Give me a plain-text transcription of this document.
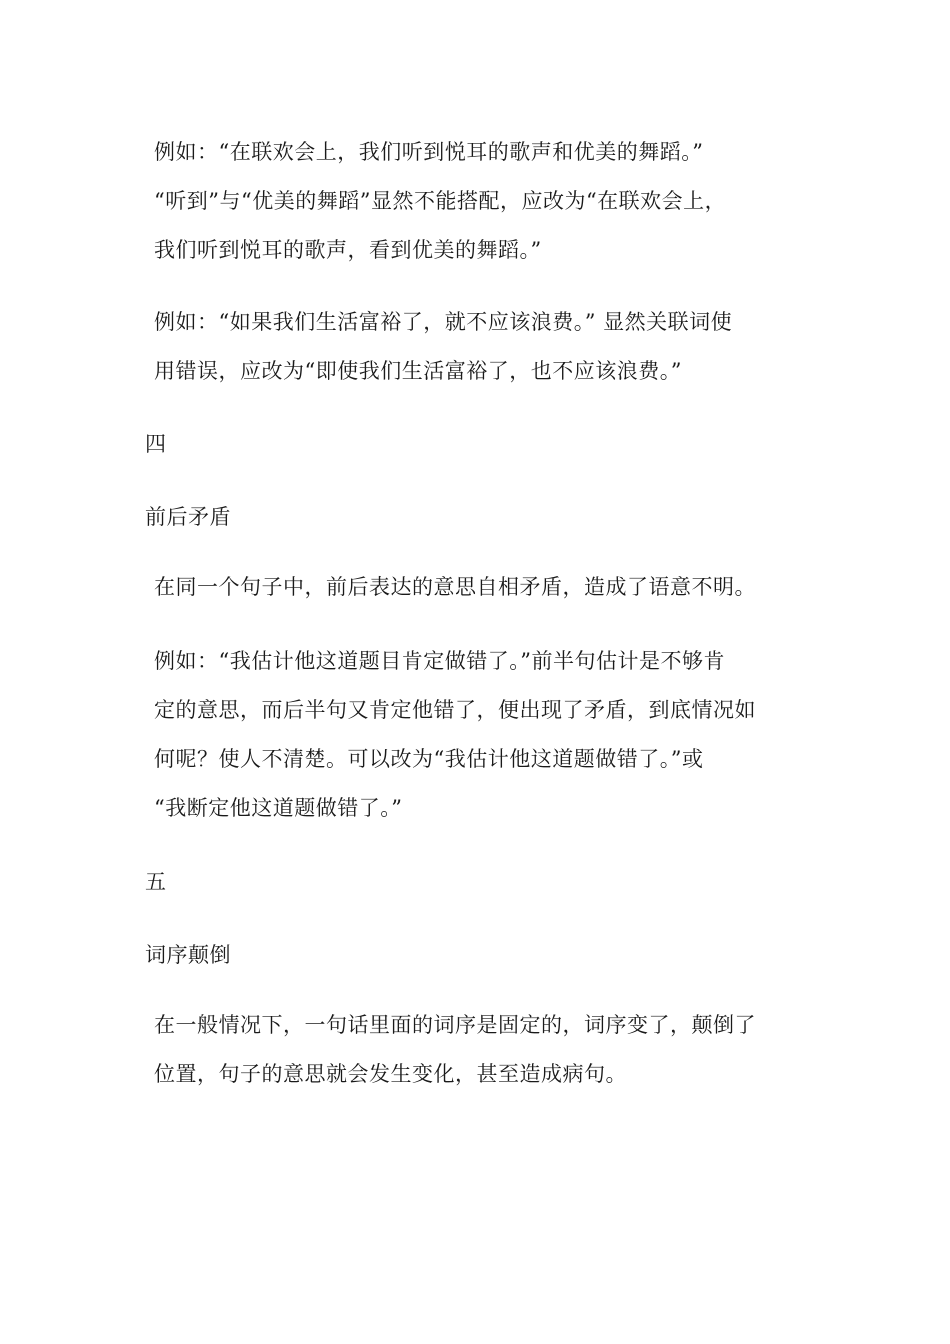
例如：“在联欢会上，我们听到悦耳的歌声和优美的舞蹈。”
“听到”与“优美的舞蹈”显然不能搭配，应改为“在联欢会上，
我们听到悦耳的歌声，看到优美的舞蹈。”
例如：“如果我们生活富裕了，就不应该浪费。” 显然关联词使
用错误，应改为“即使我们生活富裕了，也不应该浪费。”
四
前后矛盾
在同一个句子中，前后表达的意思自相矛盾，造成了语意不明。
例如：“我估计他这道题目肯定做错了。”前半句估计是不够肯
定的意思，而后半句又肯定他错了，便出现了矛盾，到底情况如
何呢？使人不清楚。可以改为“我估计他这道题做错了。”或
“我断定他这道题做错了。”
五
词序颠倒
在一般情况下，一句话里面的词序是固定的，词序变了，颠倒了
位置，句子的意思就会发生变化，甚至造成病句。
